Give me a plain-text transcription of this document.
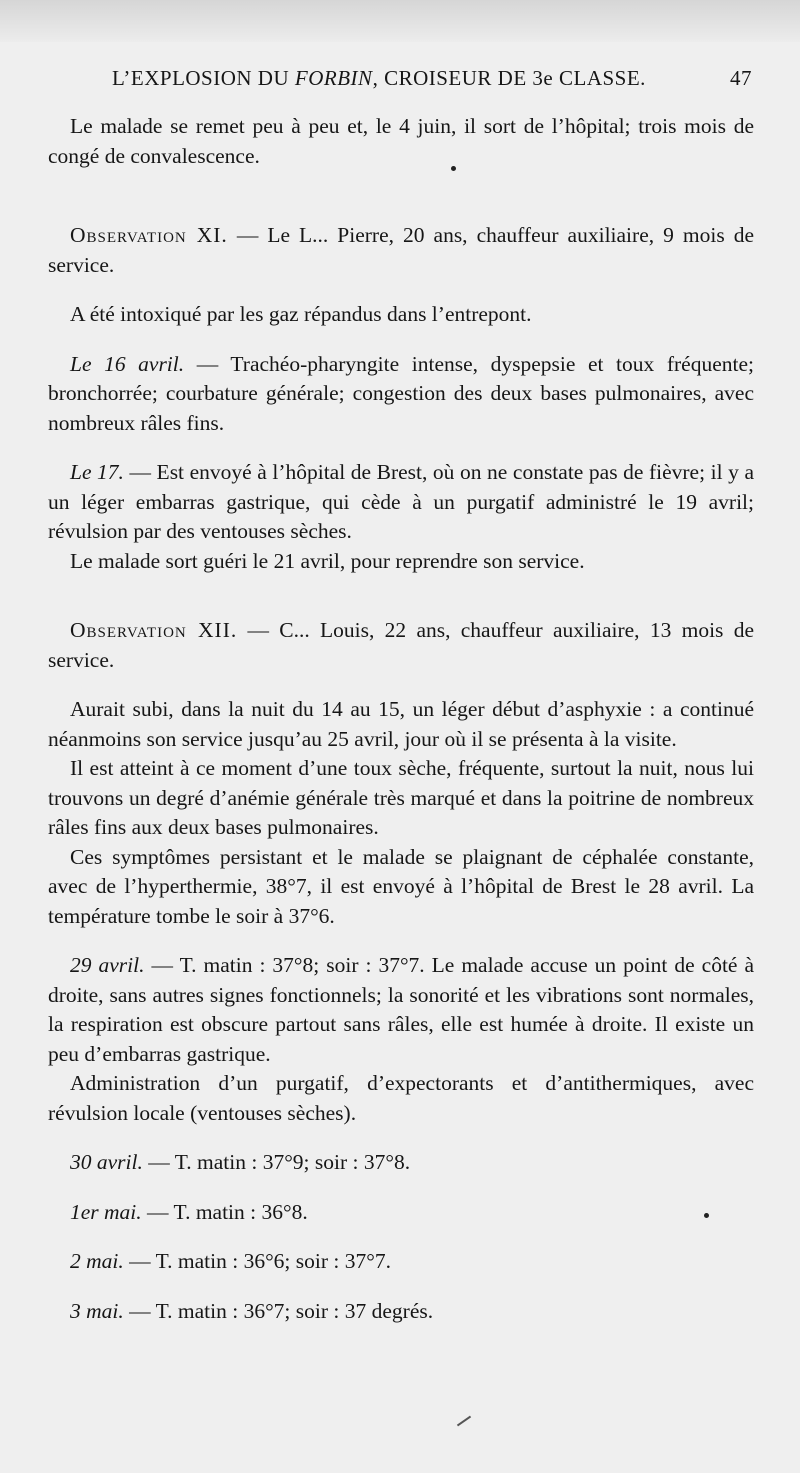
L’EXPLOSION DU FORBIN, CROISEUR DE 3e CLASSE.	47

Le malade se remet peu à peu et, le 4 juin, il sort de l’hôpital; trois mois de congé de convalescence.

Observation XI. — Le L... Pierre, 20 ans, chauffeur auxiliaire, 9 mois de service.

A été intoxiqué par les gaz répandus dans l’entrepont.

Le 16 avril. — Trachéo-pharyngite intense, dyspepsie et toux fréquente; bronchorrée; courbature générale; congestion des deux bases pulmonaires, avec nombreux râles fins.

Le 17. — Est envoyé à l’hôpital de Brest, où on ne constate pas de fièvre; il y a un léger embarras gastrique, qui cède à un purgatif administré le 19 avril; révulsion par des ventouses sèches.

Le malade sort guéri le 21 avril, pour reprendre son service.

Observation XII. — C... Louis, 22 ans, chauffeur auxiliaire, 13 mois de service.

Aurait subi, dans la nuit du 14 au 15, un léger début d’asphyxie : a continué néanmoins son service jusqu’au 25 avril, jour où il se présenta à la visite.

Il est atteint à ce moment d’une toux sèche, fréquente, surtout la nuit, nous lui trouvons un degré d’anémie générale très marqué et dans la poitrine de nombreux râles fins aux deux bases pulmonaires.

Ces symptômes persistant et le malade se plaignant de céphalée constante, avec de l’hyperthermie, 38°7, il est envoyé à l’hôpital de Brest le 28 avril. La température tombe le soir à 37°6.

29 avril. — T. matin : 37°8; soir : 37°7. Le malade accuse un point de côté à droite, sans autres signes fonctionnels; la sonorité et les vibrations sont normales, la respiration est obscure partout sans râles, elle est humée à droite. Il existe un peu d’embarras gastrique.

Administration d’un purgatif, d’expectorants et d’antithermiques, avec révulsion locale (ventouses sèches).

30 avril. — T. matin : 37°9; soir : 37°8.

1er mai. — T. matin : 36°8.

2 mai. — T. matin : 36°6; soir : 37°7.

3 mai. — T. matin : 36°7; soir : 37 degrés.
